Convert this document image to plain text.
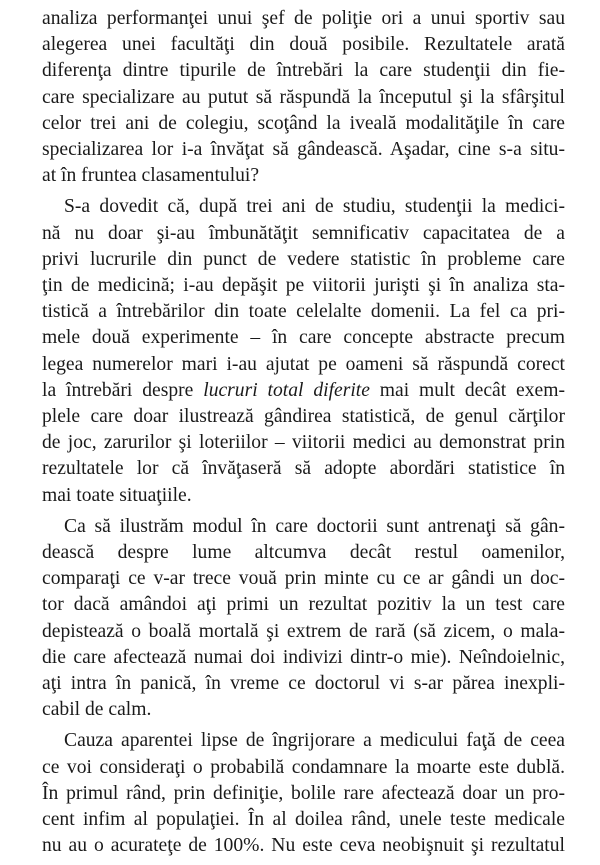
analiza performanţei unui şef de poliţie ori a unui sportiv sau
alegerea unei facultăţi din două posibile. Rezultatele arată
diferenţa dintre tipurile de întrebări la care studenţii din fie-
care specializare au putut să răspundă la începutul şi la sfârşitul
celor trei ani de colegiu, scoţând la iveală modalităţile în care
specializarea lor i-a învăţat să gândească. Aşadar, cine s-a situ-
at în fruntea clasamentului?
S-a dovedit că, după trei ani de studiu, studenţii la medici-
nă nu doar şi-au îmbunătăţit semnificativ capacitatea de a
privi lucrurile din punct de vedere statistic în probleme care
ţin de medicină; i-au depăşit pe viitorii jurişti şi în analiza sta-
tistică a întrebărilor din toate celelalte domenii. La fel ca pri-
mele două experimente – în care concepte abstracte precum
legea numerelor mari i-au ajutat pe oameni să răspundă corect
la întrebări despre lucruri total diferite mai mult decât exem-
plele care doar ilustrează gândirea statistică, de genul cărţilor
de joc, zarurilor şi loteriilor – viitorii medici au demonstrat prin
rezultatele lor că învăţaseră să adopte abordări statistice în
mai toate situaţiile.
Ca să ilustrăm modul în care doctorii sunt antrenaţi să gân-
dească despre lume altcumva decât restul oamenilor,
comparaţi ce v-ar trece vouă prin minte cu ce ar gândi un doc-
tor dacă amândoi aţi primi un rezultat pozitiv la un test care
depistează o boală mortală şi extrem de rară (să zicem, o mala-
die care afectează numai doi indivizi dintr-o mie). Neîndoielnic,
aţi intra în panică, în vreme ce doctorul vi s-ar părea inexpli-
cabil de calm.
Cauza aparentei lipse de îngrijorare a medicului faţă de ceea
ce voi consideraţi o probabilă condamnare la moarte este dublă.
În primul rând, prin definiţie, bolile rare afectează doar un pro-
cent infim al populaţiei. În al doilea rând, unele teste medicale
nu au o acurateţe de 100%. Nu este ceva neobişnuit şi rezultatul
